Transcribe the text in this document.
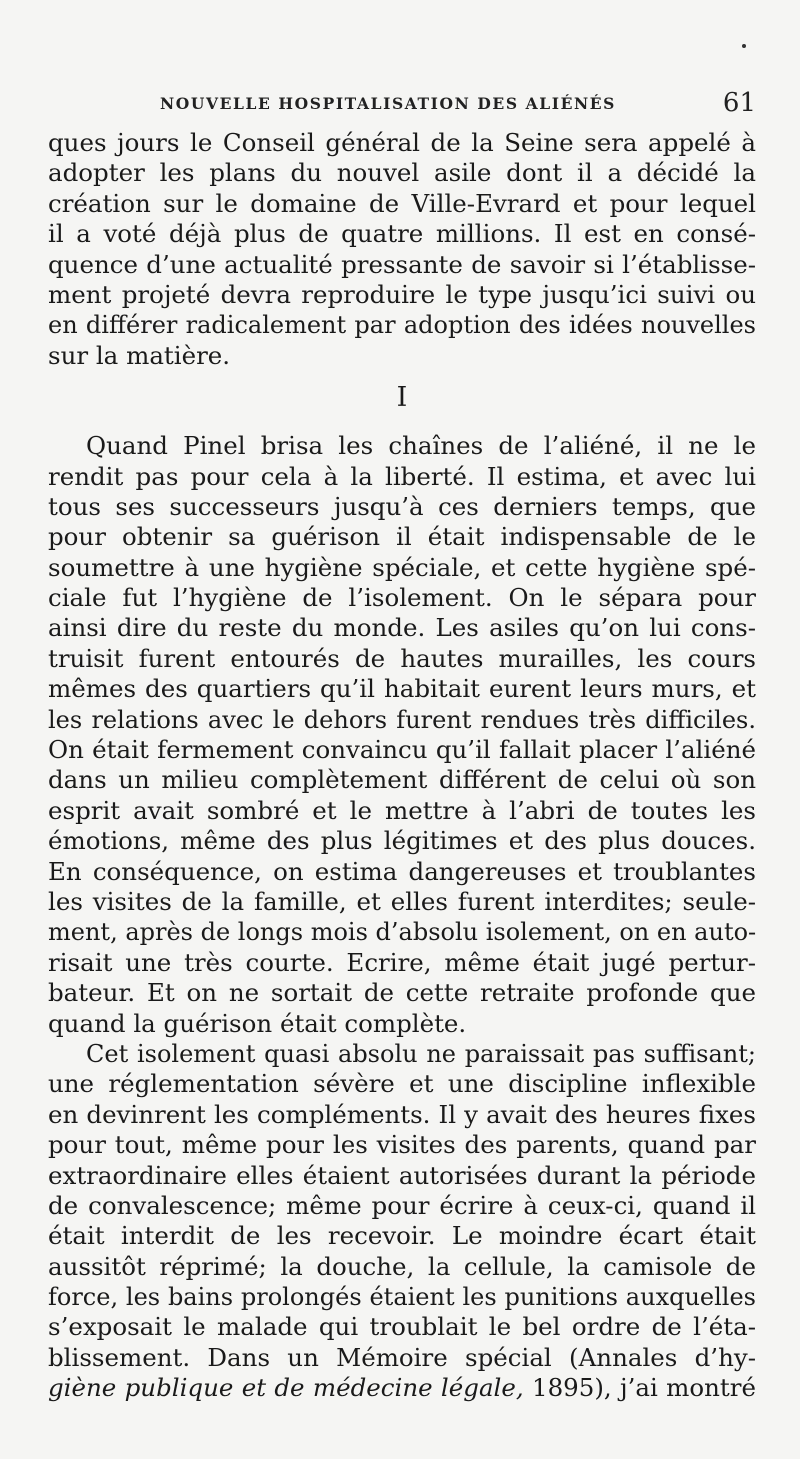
NOUVELLE HOSPITALISATION DES ALIÉNÉS	61
ques jours le Conseil général de la Seine sera appelé à
adopter les plans du nouvel asile dont il a décidé la
création sur le domaine de Ville-Evrard et pour lequel
il a voté déjà plus de quatre millions. Il est en consé-
quence d’une actualité pressante de savoir si l’établisse-
ment projeté devra reproduire le type jusqu’ici suivi ou
en différer radicalement par adoption des idées nouvelles
sur la matière.
I
Quand Pinel brisa les chaînes de l’aliéné, il ne le
rendit pas pour cela à la liberté. Il estima, et avec lui
tous ses successeurs jusqu’à ces derniers temps, que
pour obtenir sa guérison il était indispensable de le
soumettre à une hygiène spéciale, et cette hygiène spé-
ciale fut l’hygiène de l’isolement. On le sépara pour
ainsi dire du reste du monde. Les asiles qu’on lui cons-
truisit furent entourés de hautes murailles, les cours
mêmes des quartiers qu’il habitait eurent leurs murs, et
les relations avec le dehors furent rendues très difficiles.
On était fermement convaincu qu’il fallait placer l’aliéné
dans un milieu complètement différent de celui où son
esprit avait sombré et le mettre à l’abri de toutes les
émotions, même des plus légitimes et des plus douces.
En conséquence, on estima dangereuses et troublantes
les visites de la famille, et elles furent interdites; seule-
ment, après de longs mois d’absolu isolement, on en auto-
risait une très courte. Ecrire, même était jugé pertur-
bateur. Et on ne sortait de cette retraite profonde que
quand la guérison était complète.
Cet isolement quasi absolu ne paraissait pas suffisant;
une réglementation sévère et une discipline inflexible
en devinrent les compléments. Il y avait des heures fixes
pour tout, même pour les visites des parents, quand par
extraordinaire elles étaient autorisées durant la période
de convalescence; même pour écrire à ceux-ci, quand il
était interdit de les recevoir. Le moindre écart était
aussitôt réprimé; la douche, la cellule, la camisole de
force, les bains prolongés étaient les punitions auxquelles
s’exposait le malade qui troublait le bel ordre de l’éta-
blissement. Dans un Mémoire spécial (Annales d’hy-
giène publique et de médecine légale, 1895), j’ai montré
